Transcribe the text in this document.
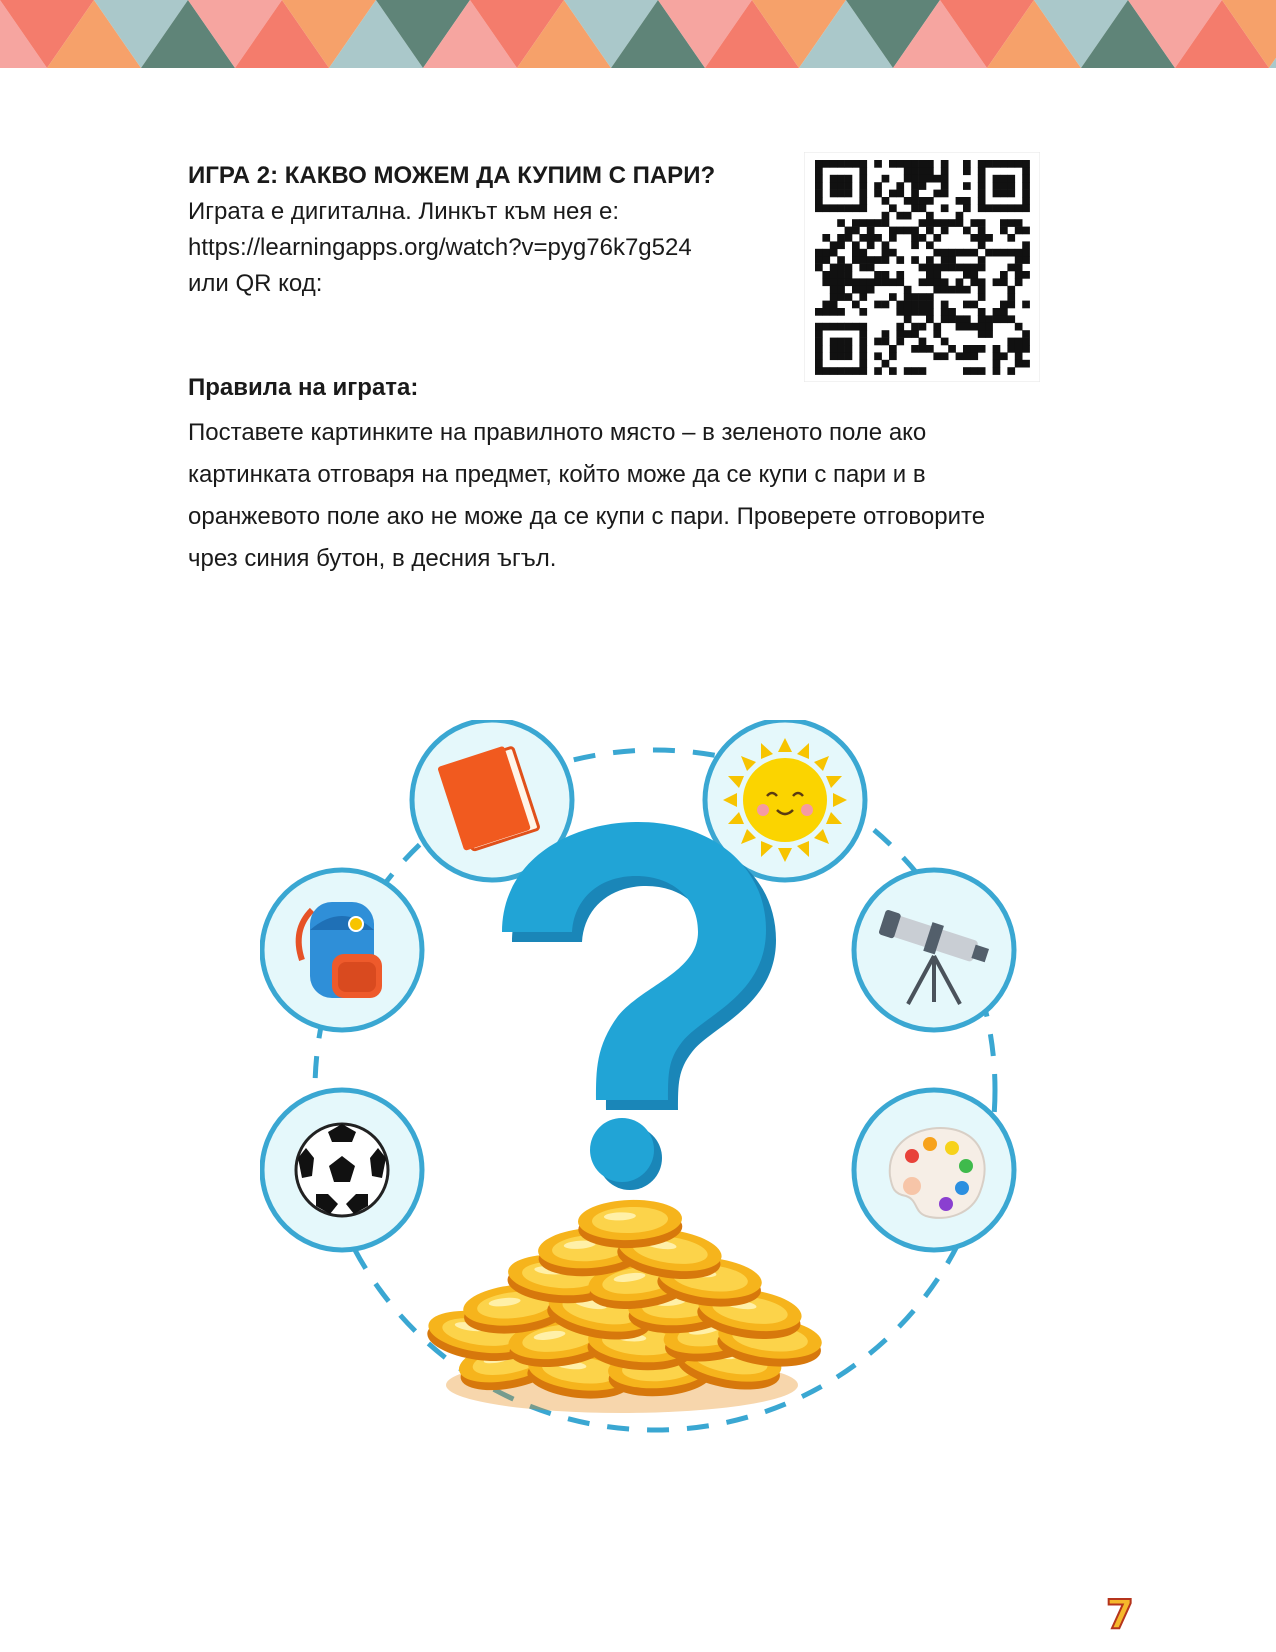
ИГРА 2: КАКВО МОЖЕМ ДА КУПИМ С ПАРИ?

Играта е дигитална. Линкът към нея е:

https://learningapps.org/watch?v=pyg76k7g524

или QR код:

Правила на играта:

Поставете картинките на правилното място – в зеленото поле ако

картинката отговаря на предмет, който може да се купи с пари и в

оранжевото поле ако не може да се купи с пари. Проверете отговорите

чрез синия бутон, в десния ъгъл.

7
